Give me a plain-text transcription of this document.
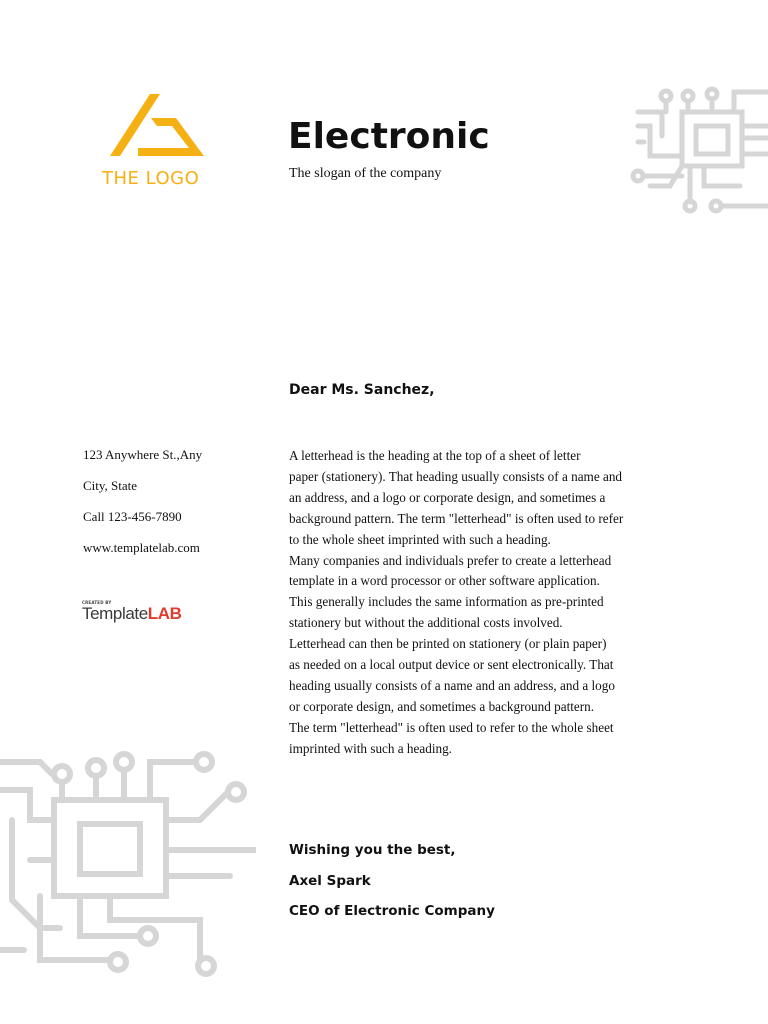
THE LOGO
Electronic
The slogan of the company
Dear Ms. Sanchez,
123 Anywhere St.,Any
City, State
Call 123-456-7890
www.templatelab.com
CREATED BY
TemplateLAB

A letterhead is the heading at the top of a sheet of letter

paper (stationery). That heading usually consists of a name and

an address, and a logo or corporate design, and sometimes a

background pattern. The term "letterhead" is often used to refer

to the whole sheet imprinted with such a heading.

Many companies and individuals prefer to create a letterhead

template in a word processor or other software application.

This generally includes the same information as pre-printed

stationery but without the additional costs involved.

Letterhead can then be printed on stationery (or plain paper)

as needed on a local output device or sent electronically. That

heading usually consists of a name and an address, and a logo

or corporate design, and sometimes a background pattern.

The term "letterhead" is often used to refer to the whole sheet

imprinted with such a heading.

Wishing you the best,
Axel Spark
CEO of Electronic Company
